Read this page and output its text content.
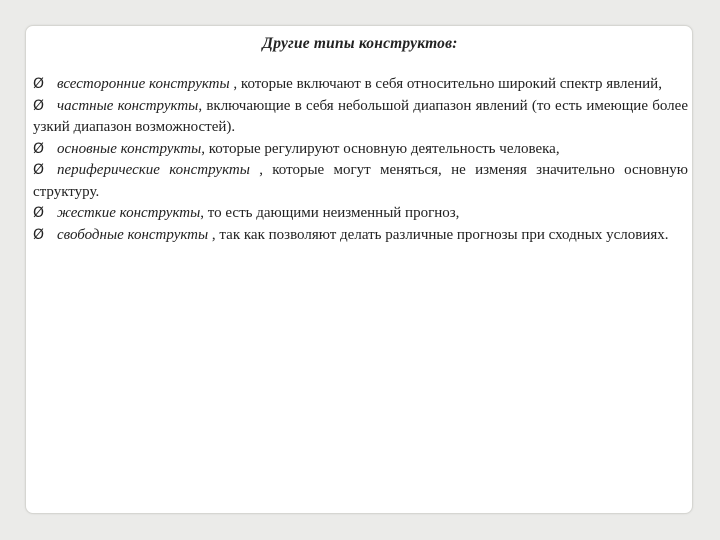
Другие типы конструктов:

Ø всесторонние конструкты , которые включают в себя относительно широкий спектр явлений,

Ø частные конструкты, включающие в себя небольшой диапазон явлений (то есть имеющие более узкий диапазон возможностей).

Ø основные конструкты, которые регулируют основную деятельность человека,

Ø периферические конструкты , которые могут меняться, не изменяя значительно основную структуру.

Ø жесткие конструкты, то есть дающими неизменный прогноз,

Ø свободные конструкты , так как позволяют делать различные прогнозы при сходных условиях.
